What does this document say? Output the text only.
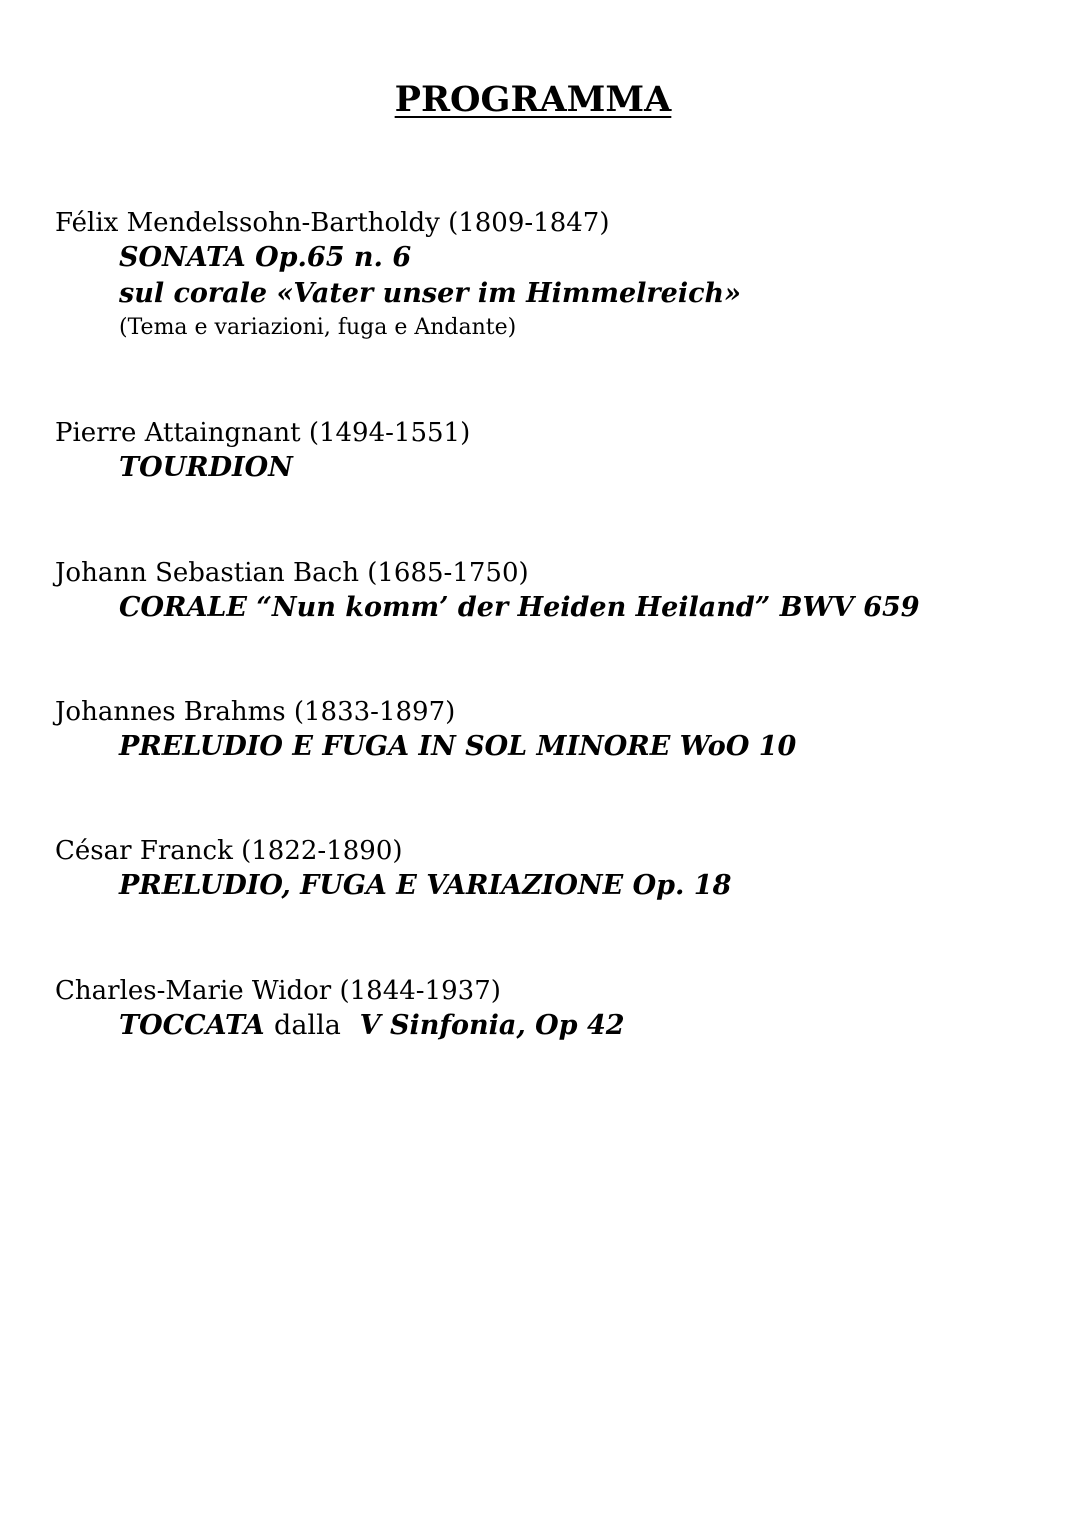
PROGRAMMA
Félix Mendelssohn-Bartholdy (1809-1847)
SONATA Op.65 n. 6
sul corale «Vater unser im Himmelreich»
(Tema e variazioni, fuga e Andante)
Pierre Attaingnant (1494-1551)
TOURDION
Johann Sebastian Bach (1685-1750)
CORALE “Nun komm’ der Heiden Heiland” BWV 659
Johannes Brahms (1833-1897)
PRELUDIO E FUGA IN SOL MINORE WoO 10
César Franck (1822-1890)
PRELUDIO, FUGA E VARIAZIONE Op. 18
Charles-Marie Widor (1844-1937)
TOCCATA dalla V Sinfonia, Op 42
